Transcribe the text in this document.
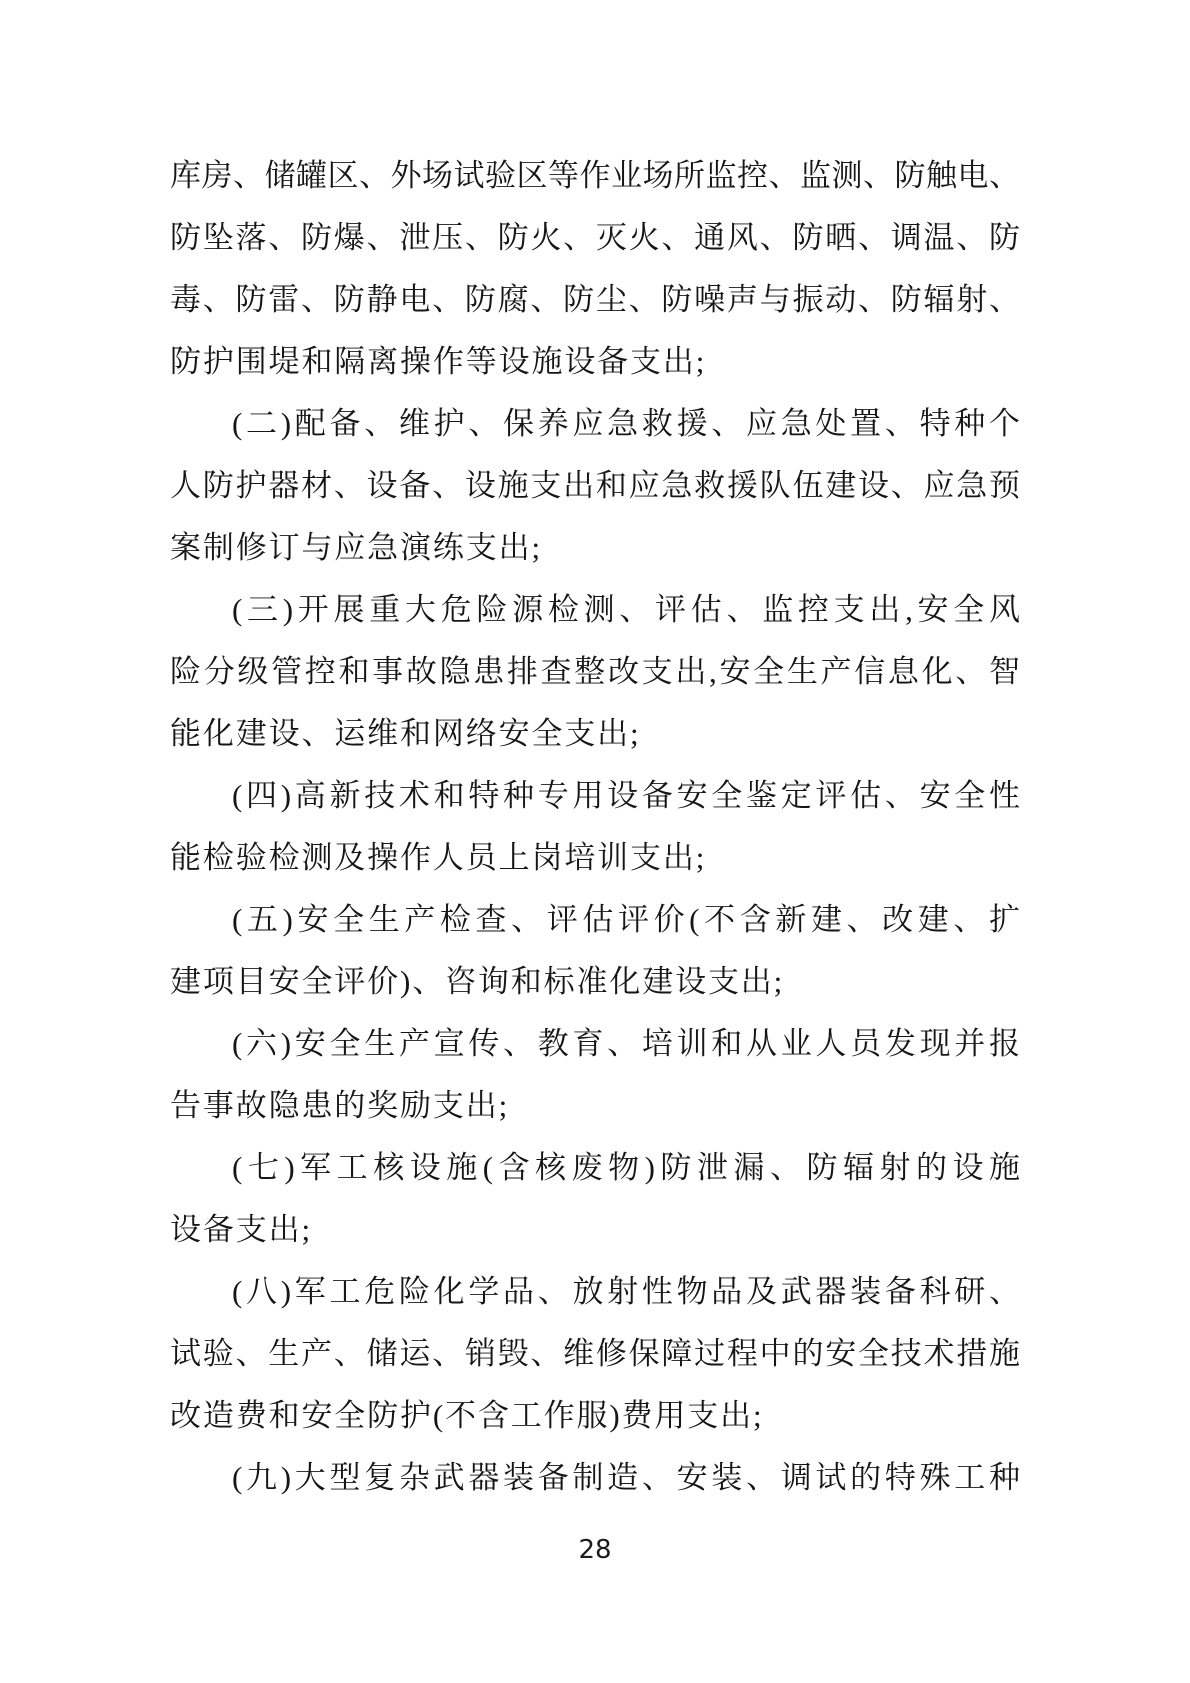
库房、储罐区、外场试验区等作业场所监控、监测、防触电、
防坠落、防爆、泄压、防火、灭火、通风、防晒、调温、防
毒、防雷、防静电、防腐、防尘、防噪声与振动、防辐射、
防护围堤和隔离操作等设施设备支出;
(二)配备、维护、保养应急救援、应急处置、特种个
人防护器材、设备、设施支出和应急救援队伍建设、应急预
案制修订与应急演练支出;
(三)开展重大危险源检测、评估、监控支出,安全风
险分级管控和事故隐患排查整改支出,安全生产信息化、智
能化建设、运维和网络安全支出;
(四)高新技术和特种专用设备安全鉴定评估、安全性
能检验检测及操作人员上岗培训支出;
(五)安全生产检查、评估评价(不含新建、改建、扩
建项目安全评价)、咨询和标准化建设支出;
(六)安全生产宣传、教育、培训和从业人员发现并报
告事故隐患的奖励支出;
(七)军工核设施(含核废物)防泄漏、防辐射的设施
设备支出;
(八)军工危险化学品、放射性物品及武器装备科研、
试验、生产、储运、销毁、维修保障过程中的安全技术措施
改造费和安全防护(不含工作服)费用支出;
(九)大型复杂武器装备制造、安装、调试的特殊工种
28
